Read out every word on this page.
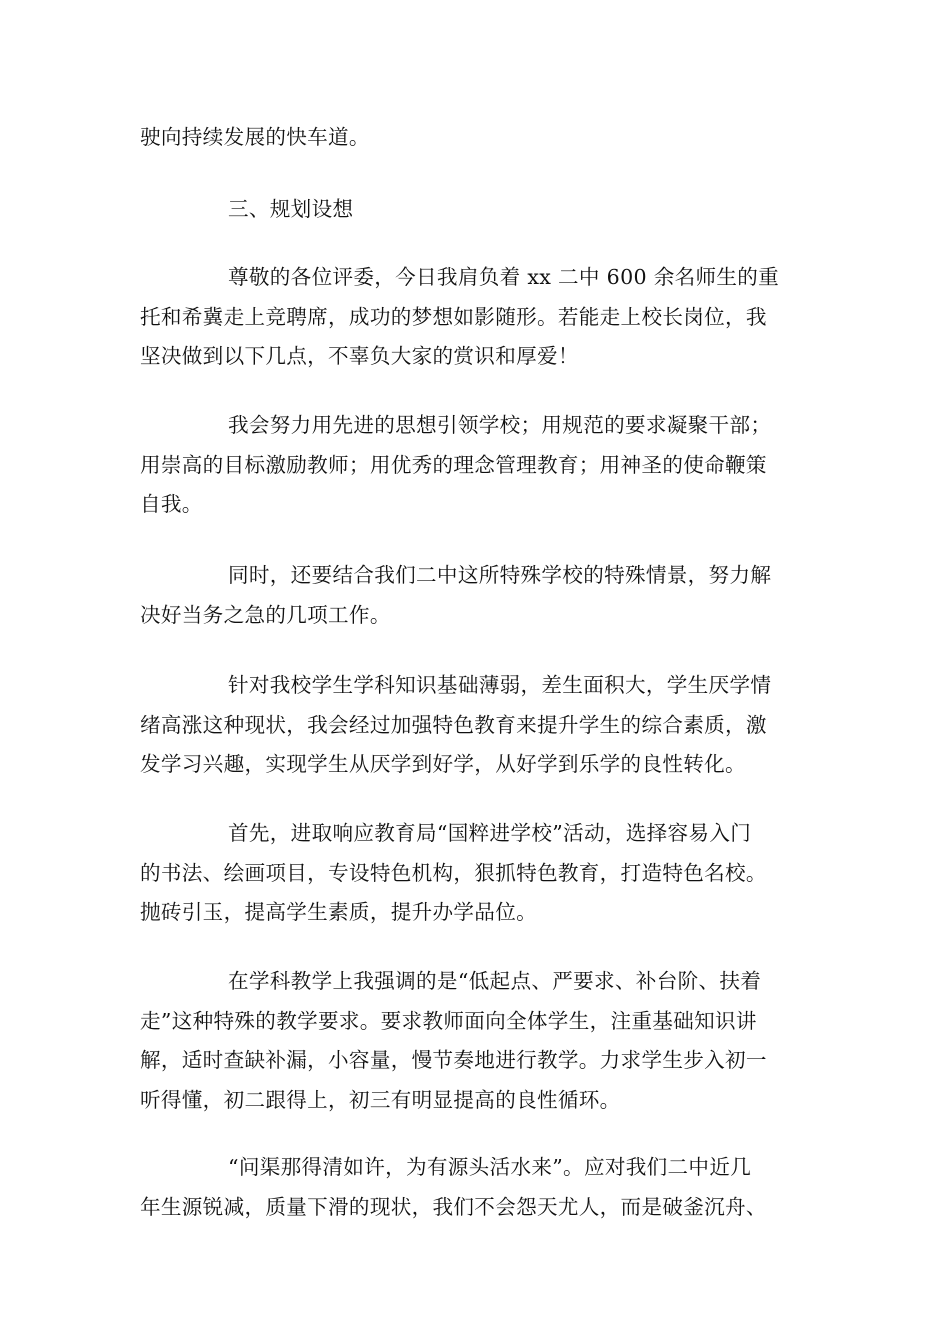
驶向持续发展的快车道。
三、规划设想
尊敬的各位评委，今日我肩负着 xx 二中 600 余名师生的重
托和希冀走上竞聘席，成功的梦想如影随形。若能走上校长岗位，我
坚决做到以下几点，不辜负大家的赏识和厚爱！
我会努力用先进的思想引领学校；用规范的要求凝聚干部；
用崇高的目标激励教师；用优秀的理念管理教育；用神圣的使命鞭策
自我。
同时，还要结合我们二中这所特殊学校的特殊情景，努力解
决好当务之急的几项工作。
针对我校学生学科知识基础薄弱，差生面积大，学生厌学情
绪高涨这种现状，我会经过加强特色教育来提升学生的综合素质，激
发学习兴趣，实现学生从厌学到好学，从好学到乐学的良性转化。
首先，进取响应教育局“国粹进学校”活动，选择容易入门
的书法、绘画项目，专设特色机构，狠抓特色教育，打造特色名校。
抛砖引玉，提高学生素质，提升办学品位。
在学科教学上我强调的是“低起点、严要求、补台阶、扶着
走”这种特殊的教学要求。要求教师面向全体学生，注重基础知识讲
解，适时查缺补漏，小容量，慢节奏地进行教学。力求学生步入初一
听得懂，初二跟得上，初三有明显提高的良性循环。
“问渠那得清如许，为有源头活水来”。应对我们二中近几
年生源锐减，质量下滑的现状，我们不会怨天尤人，而是破釜沉舟、
